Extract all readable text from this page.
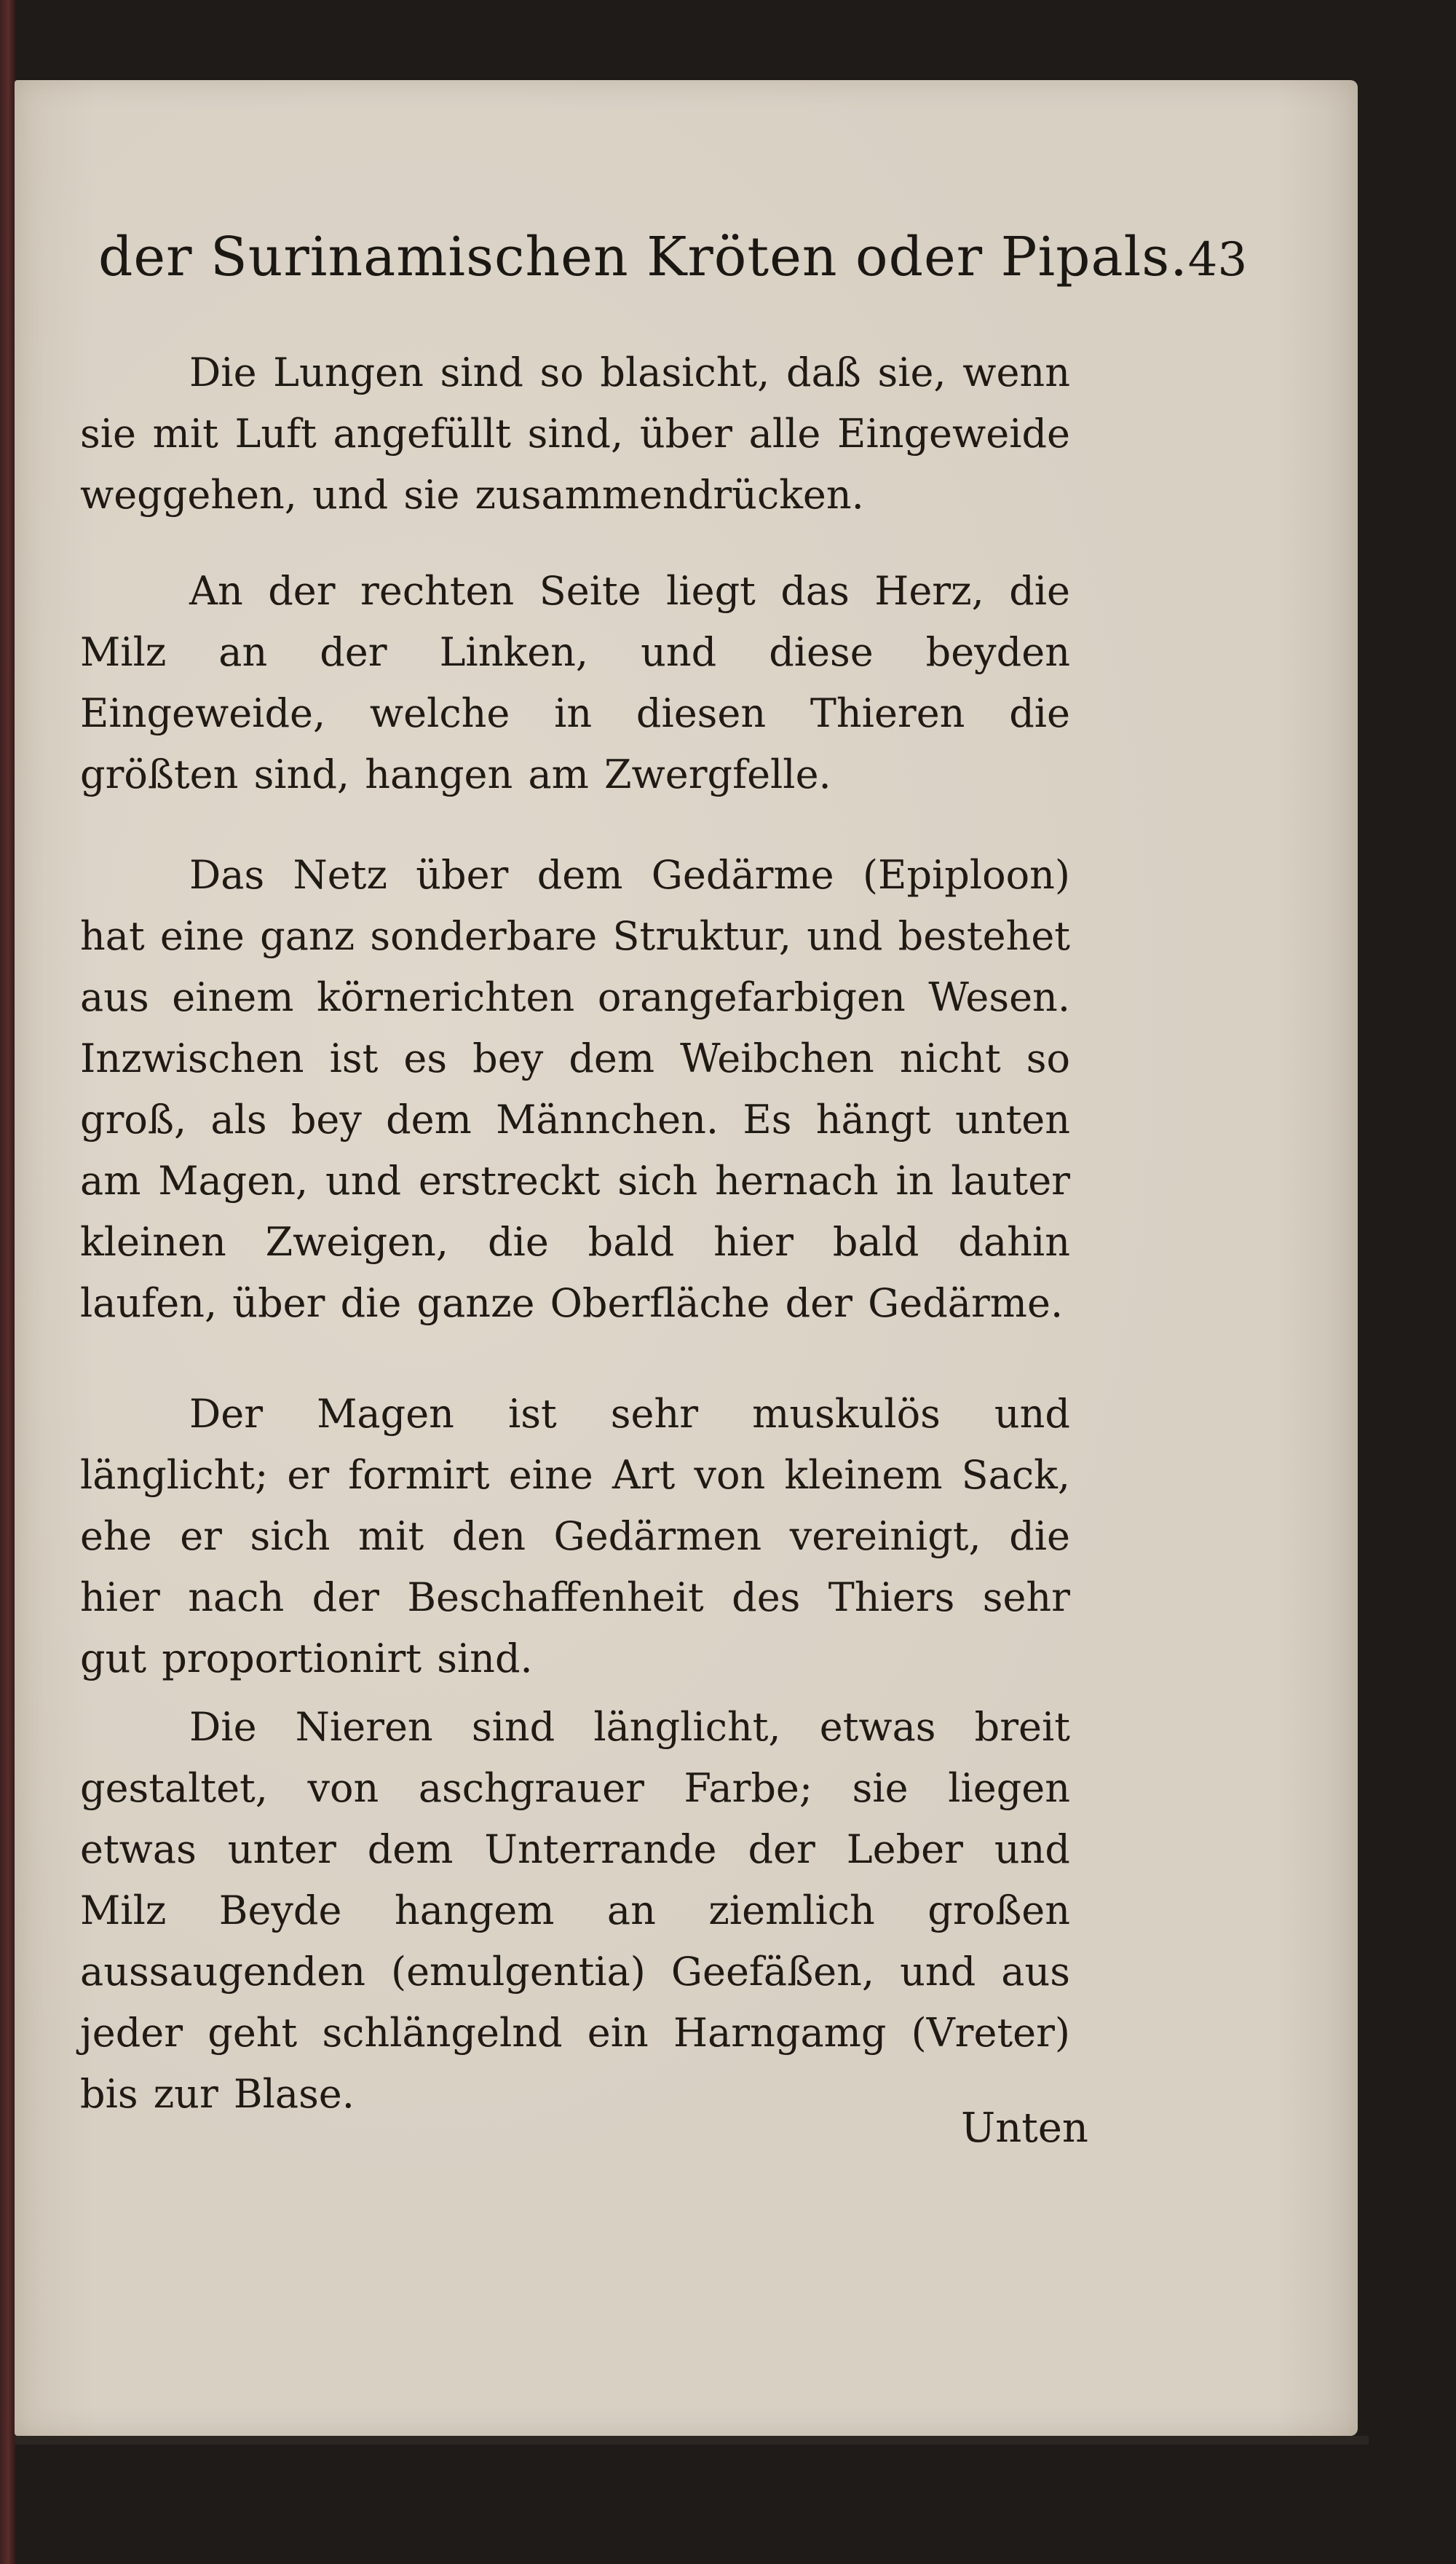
der Surinamischen Kröten oder Pipals. 43

Die Lungen sind so blasicht, daß sie, wenn sie mit Luft angefüllt sind, über alle Eingeweide weggehen, und sie zusammendrücken.

An der rechten Seite liegt das Herz, die Milz an der Linken, und diese beyden Eingeweide, welche in diesen Thieren die größten sind, hangen am Zwergfelle.

Das Netz über dem Gedärme (Epiploon) hat eine ganz sonderbare Struktur, und bestehet aus einem körnerichten orangefarbigen Wesen. Inzwischen ist es bey dem Weibchen nicht so groß, als bey dem Männchen. Es hängt unten am Magen, und erstreckt sich hernach in lauter kleinen Zweigen, die bald hier bald dahin laufen, über die ganze Oberfläche der Gedärme.

Der Magen ist sehr muskulös und länglicht; er formirt eine Art von kleinem Sack, ehe er sich mit den Gedärmen vereinigt, die hier nach der Beschaffenheit des Thiers sehr gut proportionirt sind.

Die Nieren sind länglicht, etwas breit gestaltet, von aschgrauer Farbe; sie liegen etwas unter dem Unterrande der Leber und Milz Beyde hangem an ziemlich großen aussaugenden (emulgentia) Geefäßen, und aus jeder geht schlängelnd ein Harngamg (Vreter) bis zur Blase.

Unten
